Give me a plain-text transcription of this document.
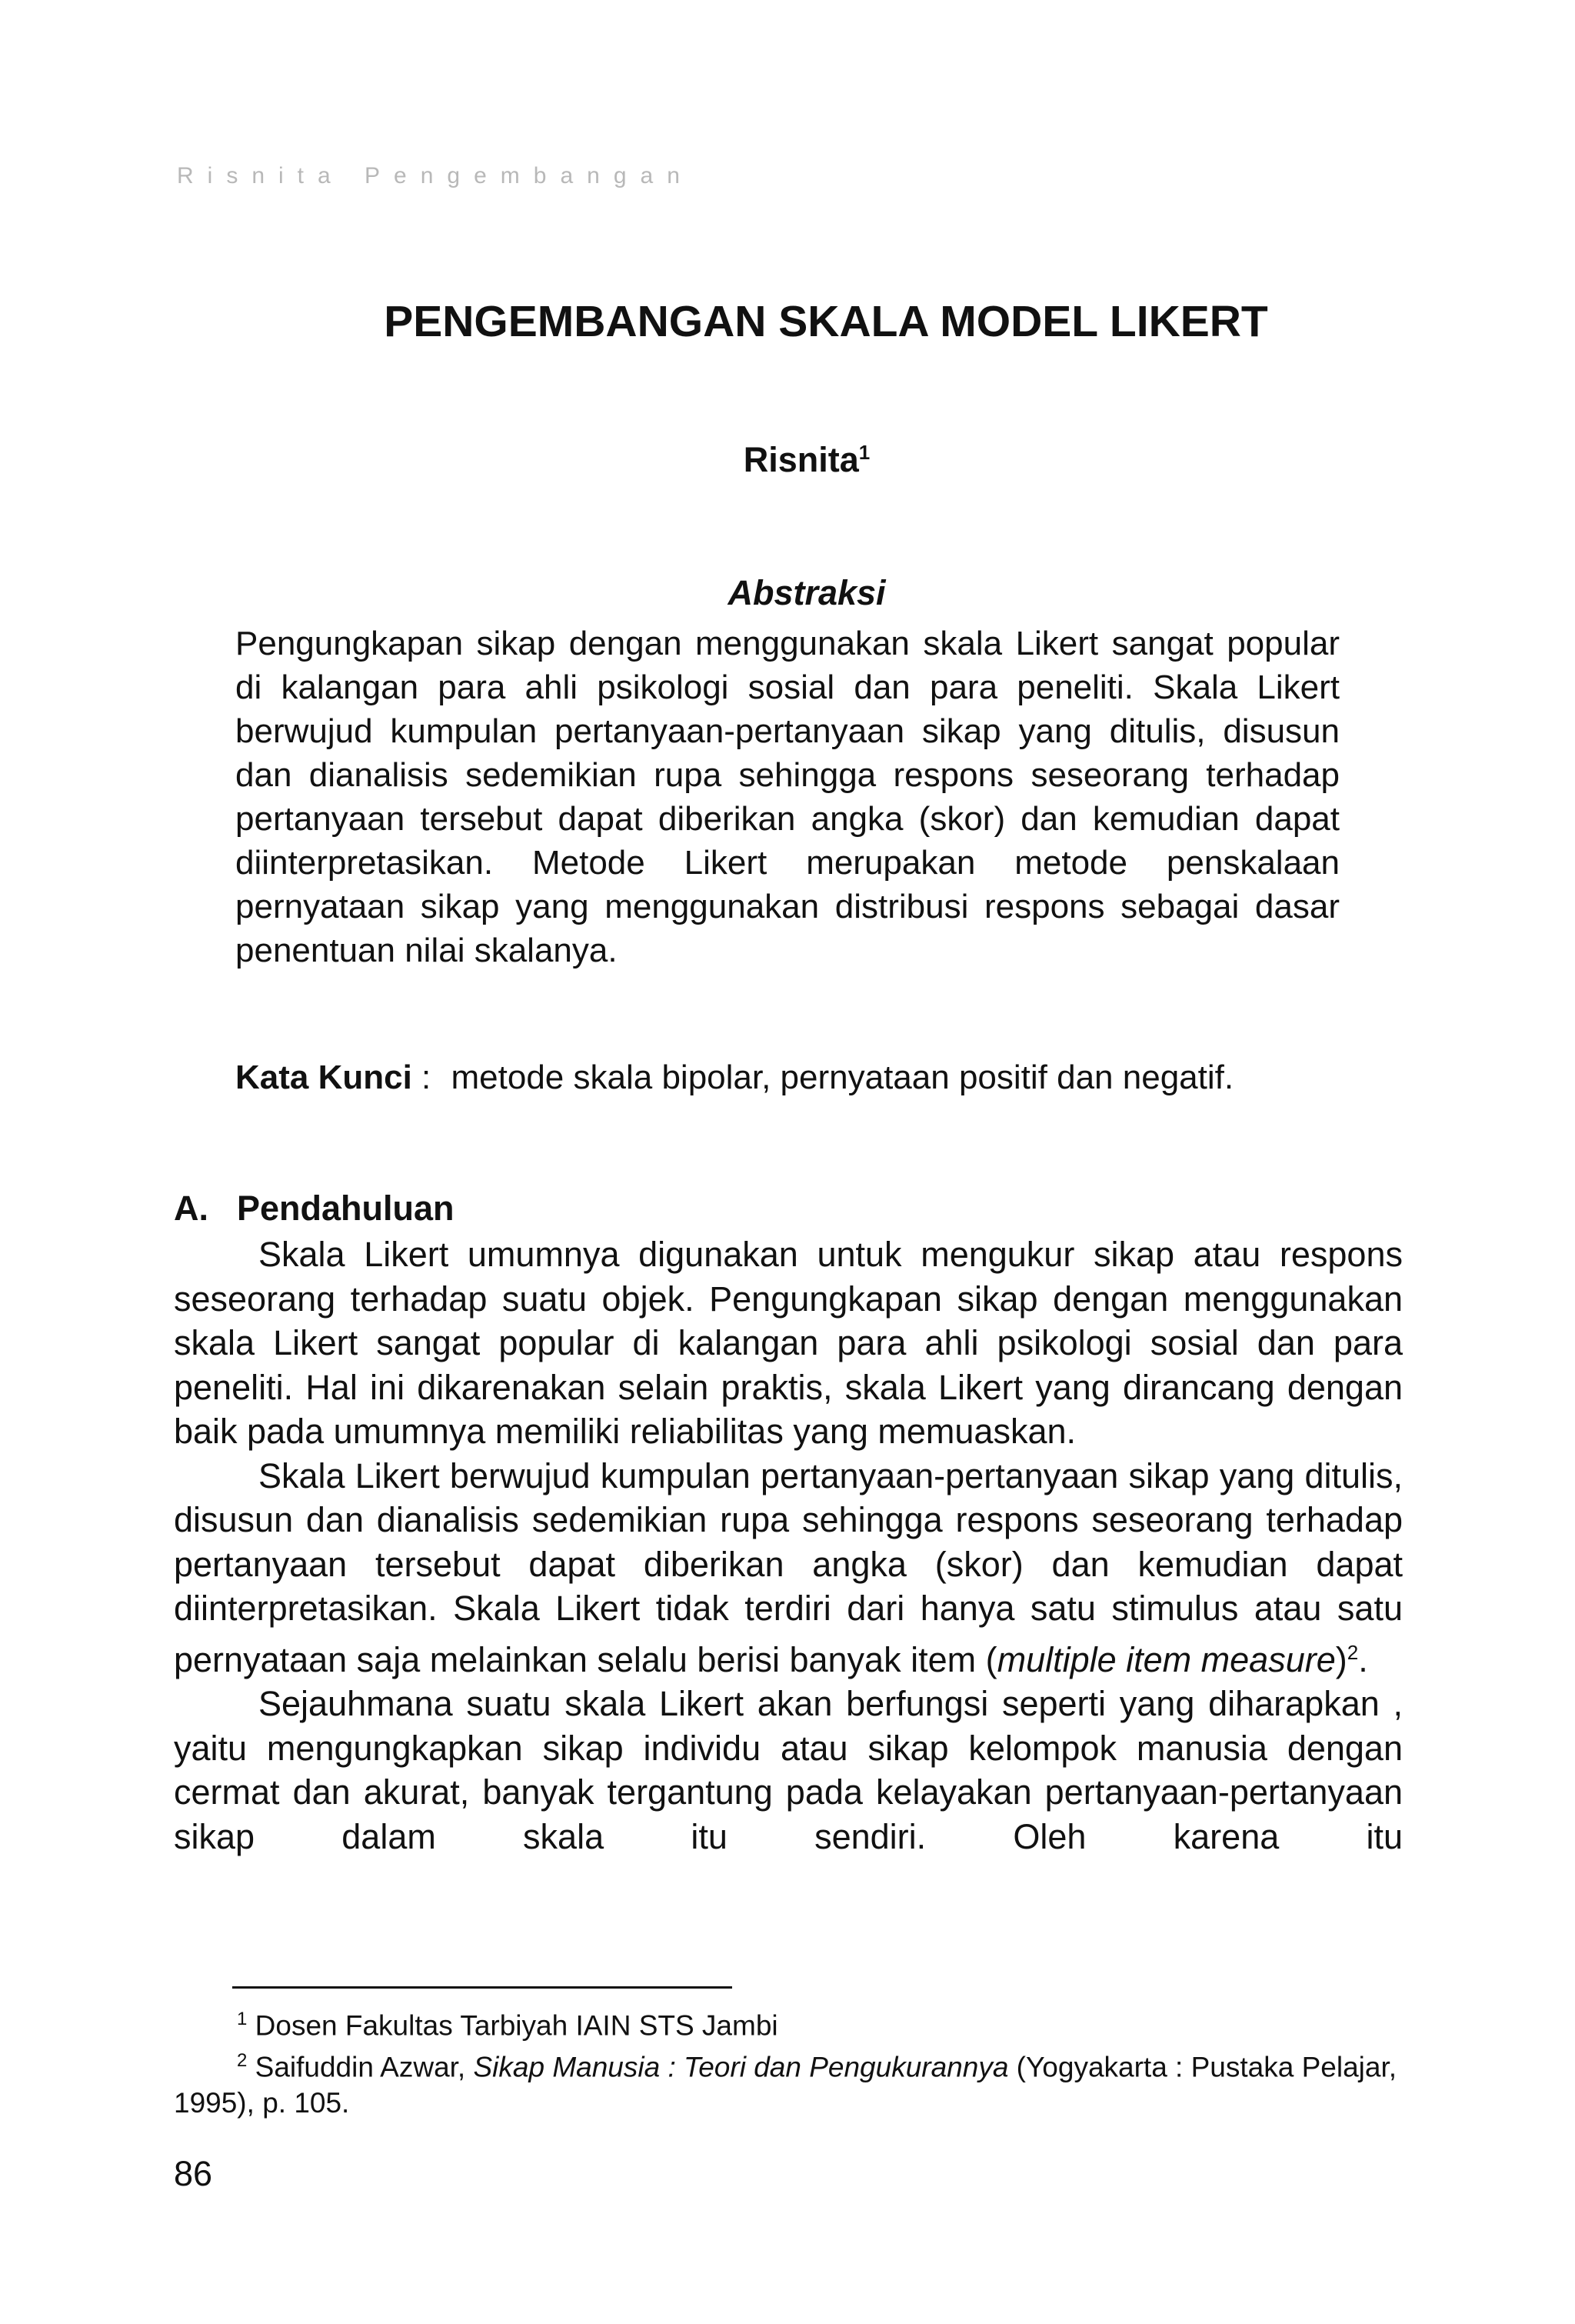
Risnita Pengembangan
PENGEMBANGAN SKALA MODEL LIKERT
Risnita$^1$
Abstraksi
Pengungkapan sikap dengan menggunakan skala Likert sangat popular di kalangan para ahli psikologi sosial dan para peneliti. Skala Likert berwujud kumpulan pertanyaan-pertanyaan sikap yang ditulis, disusun dan dianalisis sedemikian rupa sehingga respons seseorang terhadap pertanyaan tersebut dapat diberikan angka (skor) dan kemudian dapat diinterpretasikan. Metode Likert merupakan metode penskalaan pernyataan sikap yang menggunakan distribusi respons sebagai dasar penentuan nilai skalanya.
Kata Kunci : metode skala bipolar, pernyataan positif dan negatif.
A. Pendahuluan

Skala Likert umumnya digunakan untuk mengukur sikap atau respons seseorang terhadap suatu objek. Pengungkapan sikap dengan menggunakan skala Likert sangat popular di kalangan para ahli psikologi sosial dan para peneliti. Hal ini dikarenakan selain praktis, skala Likert yang dirancang dengan baik pada umumnya memiliki reliabilitas yang memuaskan.

Skala Likert berwujud kumpulan pertanyaan-pertanyaan sikap yang ditulis, disusun dan dianalisis sedemikian rupa sehingga respons seseorang terhadap pertanyaan tersebut dapat diberikan angka (skor) dan kemudian dapat diinterpretasikan. Skala Likert tidak terdiri dari hanya satu stimulus atau satu pernyataan saja melainkan selalu berisi banyak item (multiple item measure)$^2$.

Sejauhmana suatu skala Likert akan berfungsi seperti yang diharapkan , yaitu mengungkapkan sikap individu atau sikap kelompok manusia dengan cermat dan akurat, banyak tergantung pada kelayakan pertanyaan-pertanyaan sikap dalam skala itu sendiri. Oleh karena itu

$^1$ Dosen Fakultas Tarbiyah IAIN STS Jambi

$^2$ Saifuddin Azwar, Sikap Manusia : Teori dan Pengukurannya (Yogyakarta : Pustaka Pelajar, 1995), p. 105.

86
